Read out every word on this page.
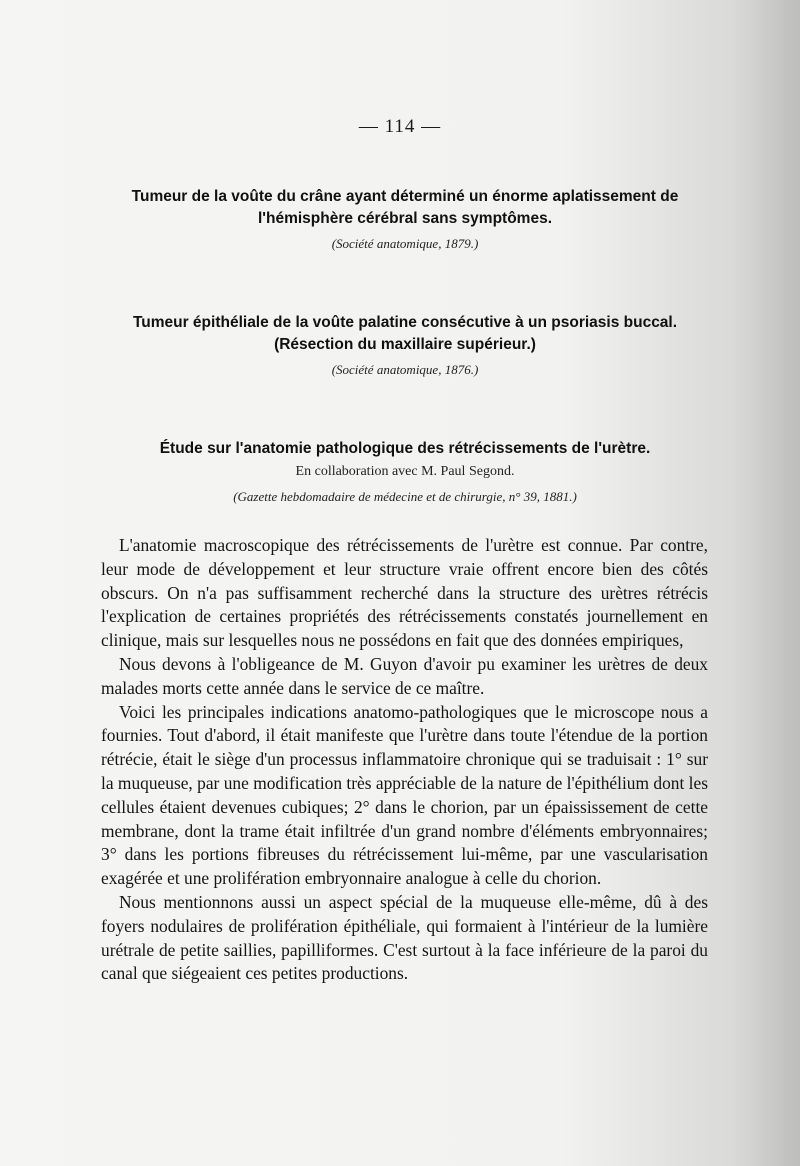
— 114 —
Tumeur de la voûte du crâne ayant déterminé un énorme aplatissement de l'hémisphère cérébral sans symptômes.
(Société anatomique, 1879.)
Tumeur épithéliale de la voûte palatine consécutive à un psoriasis buccal. (Résection du maxillaire supérieur.)
(Société anatomique, 1876.)
Étude sur l'anatomie pathologique des rétrécissements de l'urètre.
En collaboration avec M. Paul Segond.
(Gazette hebdomadaire de médecine et de chirurgie, n° 39, 1881.)

L'anatomie macroscopique des rétrécissements de l'urètre est connue. Par contre, leur mode de développement et leur structure vraie offrent encore bien des côtés obscurs. On n'a pas suffisamment recherché dans la structure des urètres rétrécis l'explication de certaines propriétés des rétrécissements constatés journellement en clinique, mais sur lesquelles nous ne possédons en fait que des données empiriques,

Nous devons à l'obligeance de M. Guyon d'avoir pu examiner les urètres de deux malades morts cette année dans le service de ce maître.

Voici les principales indications anatomo-pathologiques que le microscope nous a fournies. Tout d'abord, il était manifeste que l'urètre dans toute l'étendue de la portion rétrécie, était le siège d'un processus inflammatoire chronique qui se traduisait : 1° sur la muqueuse, par une modification très appréciable de la nature de l'épithélium dont les cellules étaient devenues cubiques; 2° dans le chorion, par un épaississement de cette membrane, dont la trame était infiltrée d'un grand nombre d'éléments embryonnaires; 3° dans les portions fibreuses du rétrécissement lui-même, par une vascularisation exagérée et une prolifération embryonnaire analogue à celle du chorion.

Nous mentionnons aussi un aspect spécial de la muqueuse elle-même, dû à des foyers nodulaires de prolifération épithéliale, qui formaient à l'intérieur de la lumière urétrale de petite saillies, papilliformes. C'est surtout à la face inférieure de la paroi du canal que siégeaient ces petites productions.
